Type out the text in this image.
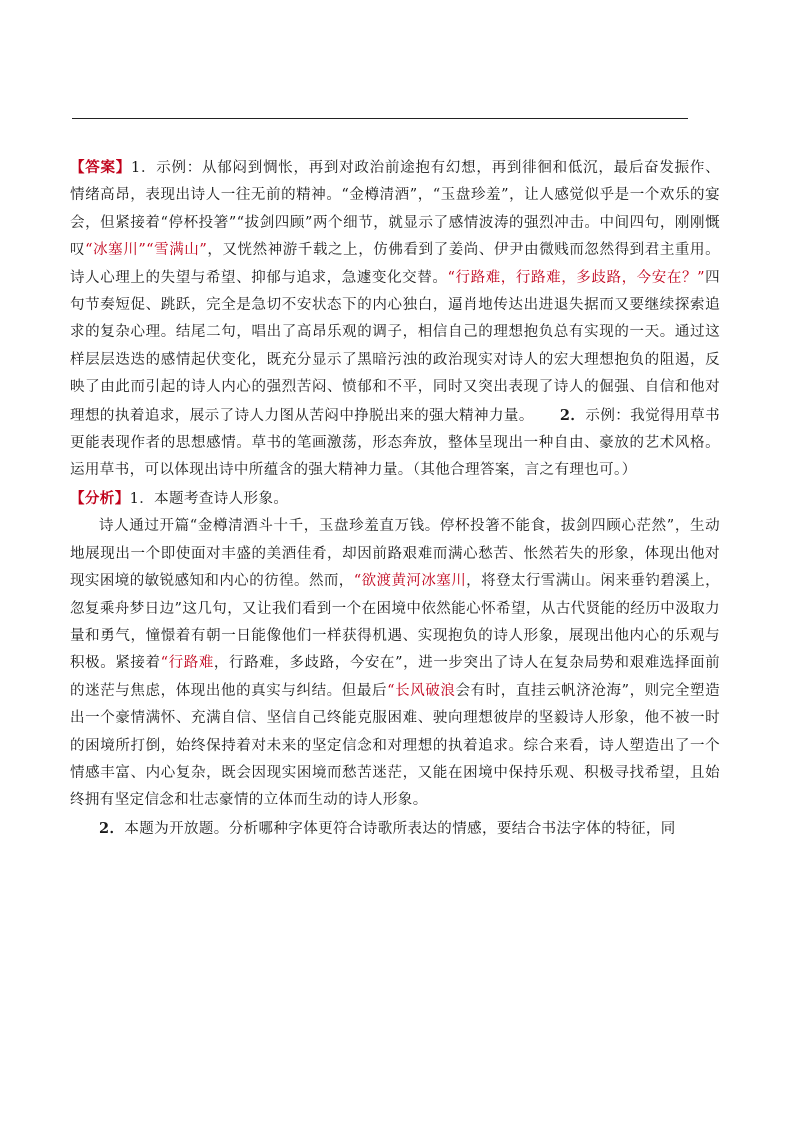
【答案】1．示例：从郁闷到惆怅，再到对政治前途抱有幻想，再到徘徊和低沉，最后奋发振作、情绪高昂，表现出诗人一往无前的精神。“金樽清酒”，“玉盘珍羞”，让人感觉似乎是一个欢乐的宴会，但紧接着“停杯投箸”“拔剑四顾”两个细节，就显示了感情波涛的强烈冲击。中间四句，刚刚慨叹“冰塞川”“雪满山”，又恍然神游千载之上，仿佛看到了姜尚、伊尹由微贱而忽然得到君主重用。诗人心理上的失望与希望、抑郁与追求，急遽变化交替。“行路难，行路难，多歧路，今安在？”四句节奏短促、跳跃，完全是急切不安状态下的内心独白，逼肖地传达出进退失据而又要继续探索追求的复杂心理。结尾二句，唱出了高昂乐观的调子，相信自己的理想抱负总有实现的一天。通过这样层层迭迭的感情起伏变化，既充分显示了黑暗污浊的政治现实对诗人的宏大理想抱负的阻遏，反映了由此而引起的诗人内心的强烈苦闷、愤郁和不平，同时又突出表现了诗人的倔强、自信和他对理想的执着追求，展示了诗人力图从苦闷中挣脱出来的强大精神力量。 2．示例：我觉得用草书更能表现作者的思想感情。草书的笔画激荡，形态奔放，整体呈现出一种自由、豪放的艺术风格。运用草书，可以体现出诗中所蕴含的强大精神力量。（其他合理答案，言之有理也可。）

【分析】1．本题考查诗人形象。

诗人通过开篇“金樽清酒斗十千，玉盘珍羞直万钱。停杯投箸不能食，拔剑四顾心茫然”，生动地展现出一个即使面对丰盛的美酒佳肴，却因前路艰难而满心愁苦、怅然若失的形象，体现出他对现实困境的敏锐感知和内心的彷徨。然而，“欲渡黄河冰塞川，将登太行雪满山。闲来垂钓碧溪上，忽复乘舟梦日边”这几句，又让我们看到一个在困境中依然能心怀希望，从古代贤能的经历中汲取力量和勇气，憧憬着有朝一日能像他们一样获得机遇、实现抱负的诗人形象，展现出他内心的乐观与积极。紧接着“行路难，行路难，多歧路，今安在”，进一步突出了诗人在复杂局势和艰难选择面前的迷茫与焦虑，体现出他的真实与纠结。但最后“长风破浪会有时，直挂云帆济沧海”，则完全塑造出一个豪情满怀、充满自信、坚信自己终能克服困难、驶向理想彼岸的坚毅诗人形象，他不被一时的困境所打倒，始终保持着对未来的坚定信念和对理想的执着追求。综合来看，诗人塑造出了一个情感丰富、内心复杂，既会因现实困境而愁苦迷茫，又能在困境中保持乐观、积极寻找希望，且始终拥有坚定信念和壮志豪情的立体而生动的诗人形象。

2．本题为开放题。分析哪种字体更符合诗歌所表达的情感，要结合书法字体的特征，同
